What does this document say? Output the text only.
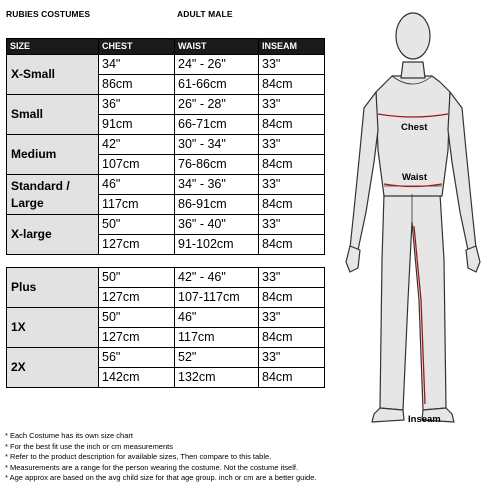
RUBIES COSTUMES	ADULT MALE
SIZE	CHEST	WAIST	INSEAM
X-Small	34"	24" - 26"	33"
	86cm	61-66cm	84cm
Small	36"	26" - 28"	33"
	91cm	66-71cm	84cm
Medium	42"	30" - 34"	33"
	107cm	76-86cm	84cm
Standard / Large	46"	34" - 36"	33"
	117cm	86-91cm	84cm
X-large	50"	36" - 40"	33"
	127cm	91-102cm	84cm

Plus	50"	42" - 46"	33"
	127cm	107-117cm	84cm
1X	50"	46"	33"
	127cm	117cm	84cm
2X	56"	52"	33"
	142cm	132cm	84cm
* Each Costume has its own size chart
* For the best fit use the inch or cm measurements
* Refer to the product description for available sizes, Then compare to this table.
* Measurements are a range for the person wearing the costume. Not the costume itself.
* Age approx are based on the avg child size for that age group. inch or cm are a better guide.
Chest
Waist
Inseam
